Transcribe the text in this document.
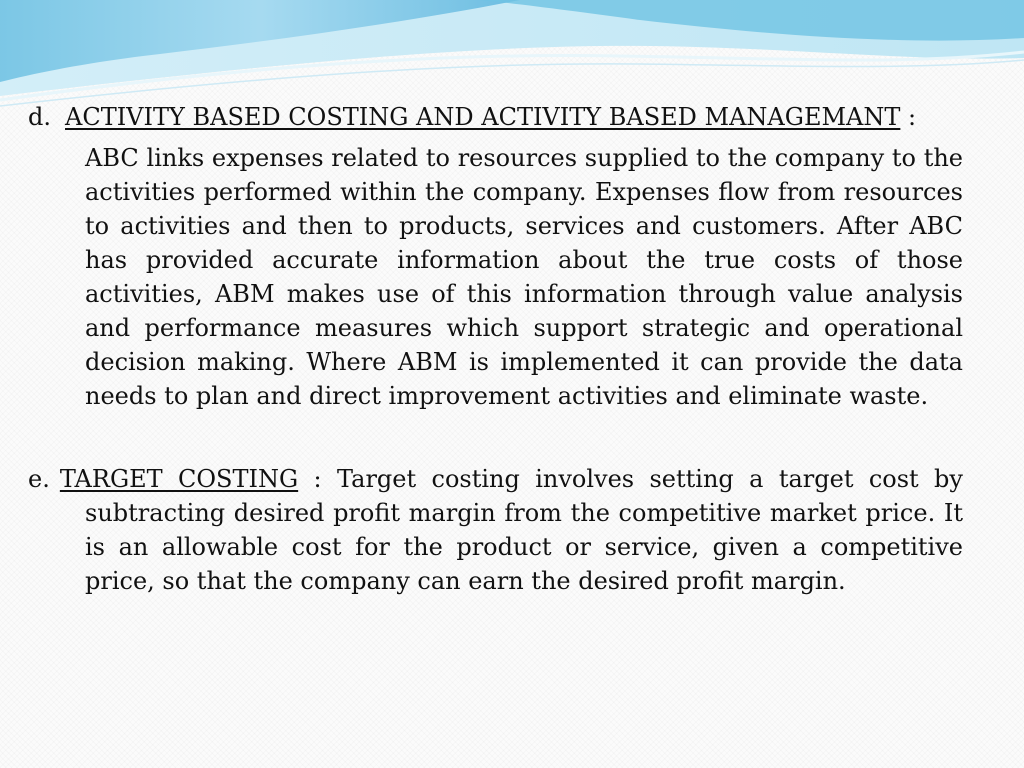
d. ACTIVITY BASED COSTING AND ACTIVITY BASED MANAGEMANT :
ABC links expenses related to resources supplied to the company to the activities performed within the company. Expenses flow from resources to activities and then to products, services and customers. After ABC has provided accurate information about the true costs of those activities, ABM makes use of this information through value analysis and performance measures which support strategic and operational decision making. Where ABM is implemented it can provide the data needs to plan and direct improvement activities and eliminate waste.
e. TARGET COSTING : Target costing involves setting a target cost by
subtracting desired profit margin from the competitive market price. It is an allowable cost for the product or service, given a competitive price, so that the company can earn the desired profit margin.
